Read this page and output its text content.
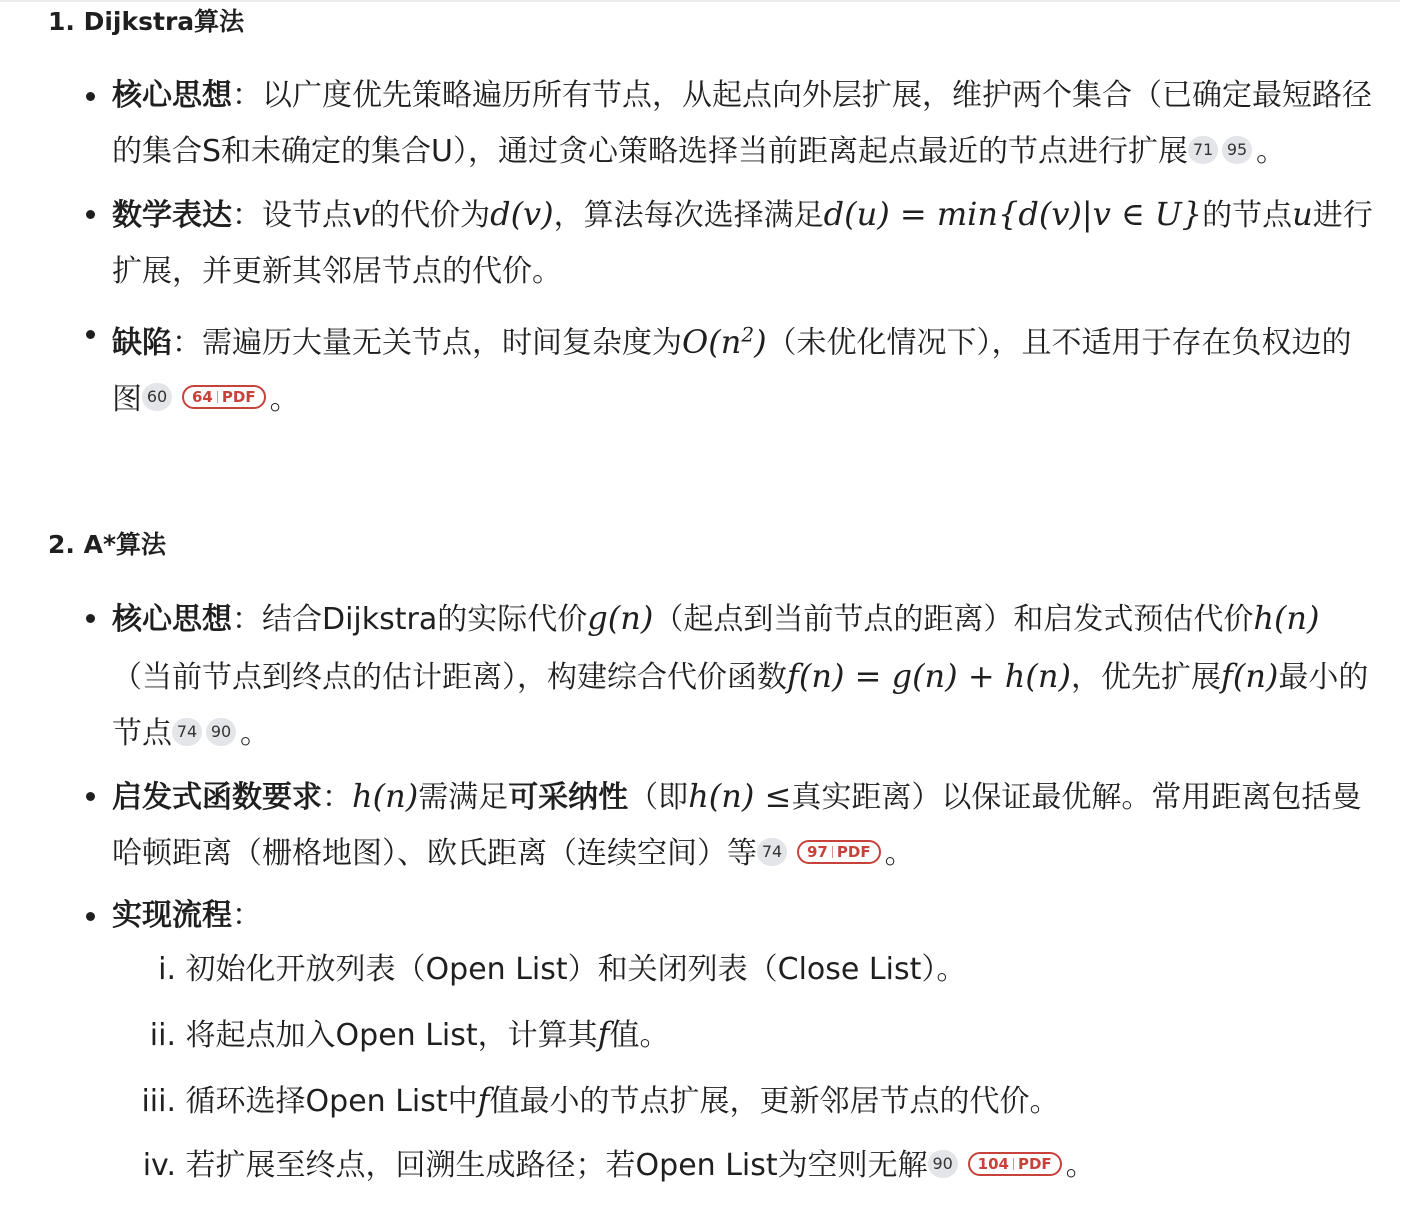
1. Dijkstra算法
核心思想：以广度优先策略遍历所有节点，从起点向外层扩展，维护两个集合（已确定最短路径的集合S和未确定的集合U），通过贪心策略选择当前距离起点最近的节点进行扩展 71 95 。
数学表达：设节点v的代价为d(v)，算法每次选择满足d(u) = min{d(v)|v ∈ U}的节点u进行扩展，并更新其邻居节点的代价。
缺陷：需遍历大量无关节点，时间复杂度为$O(n^2)$（未优化情况下），且不适用于存在负权边的图 60 64 PDF 。
2. A*算法
核心思想：结合Dijkstra的实际代价g(n)（起点到当前节点的距离）和启发式预估代价h(n)（当前节点到终点的估计距离），构建综合代价函数f(n) = g(n) + h(n)，优先扩展f(n)最小的节点 74 90 。
启发式函数要求：h(n)需满足可采纳性（即h(n) ≤真实距离）以保证最优解。常用距离包括曼哈顿距离（栅格地图）、欧氏距离（连续空间）等 74 97 PDF 。
实现流程：
i. 初始化开放列表（Open List）和关闭列表（Close List）。
ii. 将起点加入Open List，计算其f值。
iii. 循环选择Open List中f值最小的节点扩展，更新邻居节点的代价。
iv. 若扩展至终点，回溯生成路径；若Open List为空则无解 90 104 PDF 。
